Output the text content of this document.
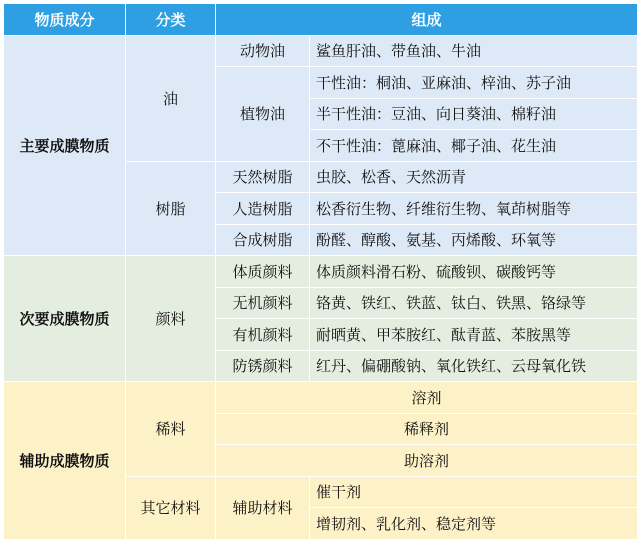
物质成分	分类	组成	
主要成膜物质	油	动物油	鲨鱼肝油、带鱼油、牛油
		植物油	干性油：桐油、亚麻油、梓油、苏子油
			半干性油：豆油、向日葵油、棉籽油
			不干性油：蓖麻油、椰子油、花生油
	树脂	天然树脂	虫胶、松香、天然沥青
		人造树脂	松香衍生物、纤维衍生物、氧茚树脂等
		合成树脂	酚醛、醇酸、氨基、丙烯酸、环氧等
次要成膜物质	颜料	体质颜料	体质颜料滑石粉、硫酸钡、碳酸钙等
		无机颜料	铬黄、铁红、铁蓝、钛白、铁黑、铬绿等
		有机颜料	耐晒黄、甲苯胺红、酞青蓝、苯胺黑等
		防锈颜料	红丹、偏硼酸钠、氧化铁红、云母氧化铁
辅助成膜物质	稀料	溶剂	
		稀释剂	
		助溶剂	
	其它材料	辅助材料	催干剂
			增韧剂、乳化剂、稳定剂等
